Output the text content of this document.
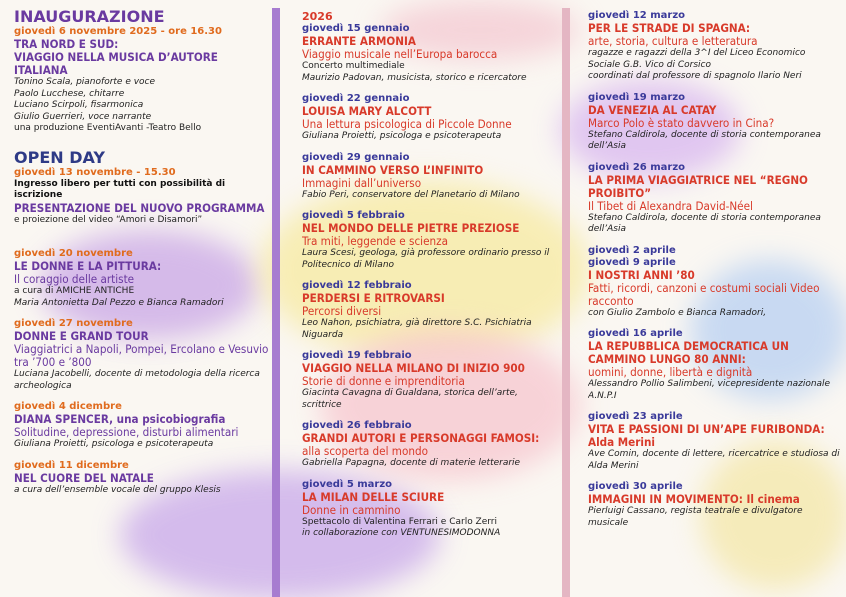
INAUGURAZIONE
giovedì 6 novembre 2025 - ore 16.30
TRA NORD E SUD:
VIAGGIO NELLA MUSICA D’AUTORE ITALIANA
Tonino Scala, pianoforte e voce
Paolo Lucchese, chitarre
Luciano Scirpoli, fisarmonica
Giulio Guerrieri, voce narrante
una produzione EventiAvanti -Teatro Bello
OPEN DAY
giovedì 13 novembre - 15.30
Ingresso libero per tutti con possibilità di iscrizione
PRESENTAZIONE DEL NUOVO PROGRAMMA
e proiezione del video “Amori e Disamori”
giovedì 20 novembre
LE DONNE E LA PITTURA:
Il coraggio delle artiste
a cura di AMICHE ANTICHE
Maria Antonietta Dal Pezzo e Bianca Ramadori
giovedì 27 novembre
DONNE E GRAND TOUR
Viaggiatrici a Napoli, Pompei, Ercolano e Vesuvio tra ’700 e ’800
Luciana Jacobelli, docente di metodologia della ricerca archeologica
giovedì 4 dicembre
DIANA SPENCER, una psicobiografia
Solitudine, depressione, disturbi alimentari
Giuliana Proietti, psicologa e psicoterapeuta
giovedì 11 dicembre
NEL CUORE DEL NATALE
a cura dell’ensemble vocale del gruppo Klesis
2026
giovedì 15 gennaio
ERRANTE ARMONIA
Viaggio musicale nell’Europa barocca
Concerto multimediale
Maurizio Padovan, musicista, storico e ricercatore
giovedì 22 gennaio
LOUISA MARY ALCOTT
Una lettura psicologica di Piccole Donne
Giuliana Proietti, psicologa e psicoterapeuta
giovedì 29 gennaio
IN CAMMINO VERSO L’INFINITO
Immagini dall’universo
Fabio Peri, conservatore del Planetario di Milano
giovedì 5 febbraio
NEL MONDO DELLE PIETRE PREZIOSE
Tra miti, leggende e scienza
Laura Scesi, geologa, già professore ordinario presso il Politecnico di Milano
giovedì 12 febbraio
PERDERSI E RITROVARSI
Percorsi diversi
Leo Nahon, psichiatra, già direttore S.C. Psichiatria Niguarda
giovedì 19 febbraio
VIAGGIO NELLA MILANO DI INIZIO 900
Storie di donne e imprenditoria
Giacinta Cavagna di Gualdana, storica dell’arte, scrittrice
giovedì 26 febbraio
GRANDI AUTORI E PERSONAGGI FAMOSI:
alla scoperta del mondo
Gabriella Papagna, docente di materie letterarie
giovedì 5 marzo
LA MILAN DELLE SCIURE
Donne in cammino
Spettacolo di Valentina Ferrari e Carlo Zerri
in collaborazione con VENTUNESIMODONNA
giovedì 12 marzo
PER LE STRADE DI SPAGNA:
arte, storia, cultura e letteratura
ragazze e ragazzi della 3^I del Liceo Economico Sociale G.B. Vico di Corsico
coordinati dal professore di spagnolo Ilario Neri
giovedì 19 marzo
DA VENEZIA AL CATAY
Marco Polo è stato davvero in Cina?
Stefano Caldirola, docente di storia contemporanea dell’Asia
giovedì 26 marzo
LA PRIMA VIAGGIATRICE NEL “REGNO PROIBITO”
Il Tibet di Alexandra David-Néel
Stefano Caldirola, docente di storia contemporanea dell’Asia
giovedì 2 aprile
giovedì 9 aprile
I NOSTRI ANNI ’80
Fatti, ricordi, canzoni e costumi sociali Video racconto
con Giulio Zambolo e Bianca Ramadori,
giovedì 16 aprile
LA REPUBBLICA DEMOCRATICA UN CAMMINO LUNGO 80 ANNI:
uomini, donne, libertà e dignità
Alessandro Pollio Salimbeni, vicepresidente nazionale A.N.P.I
giovedì 23 aprile
VITA E PASSIONI DI UN’APE FURIBONDA: Alda Merini
Ave Comin, docente di lettere, ricercatrice e studiosa di Alda Merini
giovedì 30 aprile
IMMAGINI IN MOVIMENTO: Il cinema
Pierluigi Cassano, regista teatrale e divulgatore musicale
